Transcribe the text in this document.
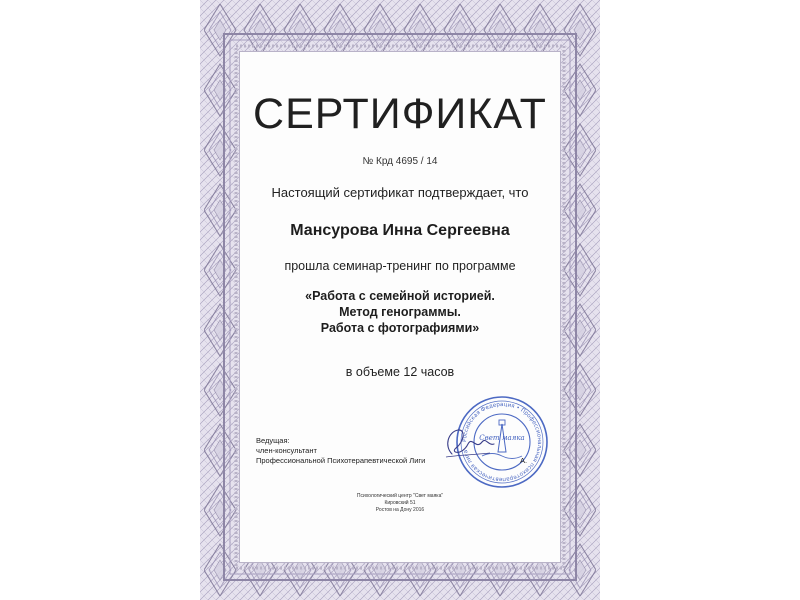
СЕРТИФИКАТ
№ Крд 4695 / 14
Настоящий сертификат подтверждает, что
Мансурова Инна Сергеевна
прошла семинар-тренинг по программе
«Работа с семейной историей.
Метод генограммы.
Работа с фотографиями»
в объеме 12 часов
Ведущая:
член-консультант
Профессиональной Психотерапевтической Лиги
Российская Федерация • Профессиональная психотерапевтическая лига
Свет маяка
А.
Психологический центр "Свет маяка"
Кировский 51
Ростов на Дону 2016
